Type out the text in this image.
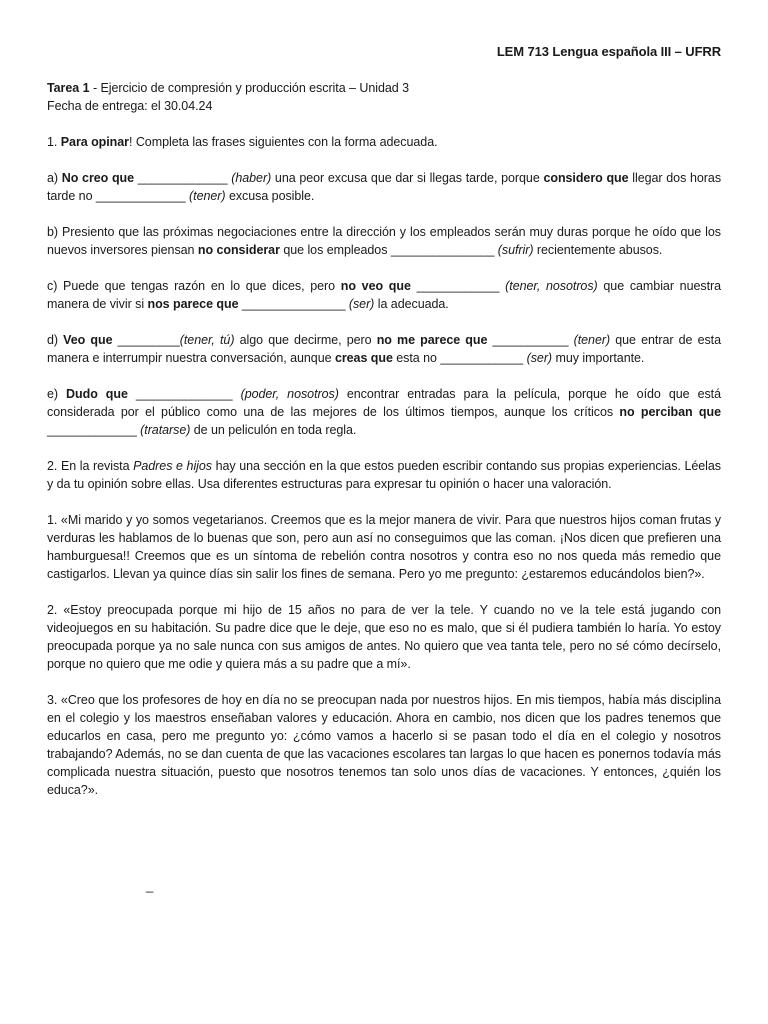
LEM 713 Lengua española III – UFRR

Tarea 1 - Ejercicio de compresión y producción escrita – Unidad 3

Fecha de entrega: el 30.04.24

1. Para opinar! Completa las frases siguientes con la forma adecuada.

a) No creo que _____________ (haber) una peor excusa que dar si llegas tarde, porque considero que llegar dos horas tarde no _____________ (tener) excusa posible.

b) Presiento que las próximas negociaciones entre la dirección y los empleados serán muy duras porque he oído que los nuevos inversores piensan no considerar que los empleados _______________ (sufrir) recientemente abusos.

c) Puede que tengas razón en lo que dices, pero no veo que ____________ (tener, nosotros) que cambiar nuestra manera de vivir si nos parece que _______________ (ser) la adecuada.

d) Veo que _________(tener, tú) algo que decirme, pero no me parece que ___________ (tener) que entrar de esta manera e interrumpir nuestra conversación, aunque creas que esta no ____________ (ser) muy importante.

e) Dudo que ______________ (poder, nosotros) encontrar entradas para la película, porque he oído que está considerada por el público como una de las mejores de los últimos tiempos, aunque los críticos no perciban que _____________ (tratarse) de un peliculón en toda regla.

2. En la revista Padres e hijos hay una sección en la que estos pueden escribir contando sus propias experiencias. Léelas y da tu opinión sobre ellas. Usa diferentes estructuras para expresar tu opinión o hacer una valoración.

1. «Mi marido y yo somos vegetarianos. Creemos que es la mejor manera de vivir. Para que nuestros hijos coman frutas y verduras les hablamos de lo buenas que son, pero aun así no conseguimos que las coman. ¡Nos dicen que prefieren una hamburguesa!! Creemos que es un síntoma de rebelión contra nosotros y contra eso no nos queda más remedio que castigarlos. Llevan ya quince días sin salir los fines de semana. Pero yo me pregunto: ¿estaremos educándolos bien?».

2. «Estoy preocupada porque mi hijo de 15 años no para de ver la tele. Y cuando no ve la tele está jugando con videojuegos en su habitación. Su padre dice que le deje, que eso no es malo, que si él pudiera también lo haría. Yo estoy preocupada porque ya no sale nunca con sus amigos de antes. No quiero que vea tanta tele, pero no sé cómo decírselo, porque no quiero que me odie y quiera más a su padre que a mí».

3. «Creo que los profesores de hoy en día no se preocupan nada por nuestros hijos. En mis tiempos, había más disciplina en el colegio y los maestros enseñaban valores y educación. Ahora en cambio, nos dicen que los padres tenemos que educarlos en casa, pero me pregunto yo: ¿cómo vamos a hacerlo si se pasan todo el día en el colegio y nosotros trabajando? Además, no se dan cuenta de que las vacaciones escolares tan largas lo que hacen es ponernos todavía más complicada nuestra situación, puesto que nosotros tenemos tan solo unos días de vacaciones. Y entonces, ¿quién los educa?».

_
